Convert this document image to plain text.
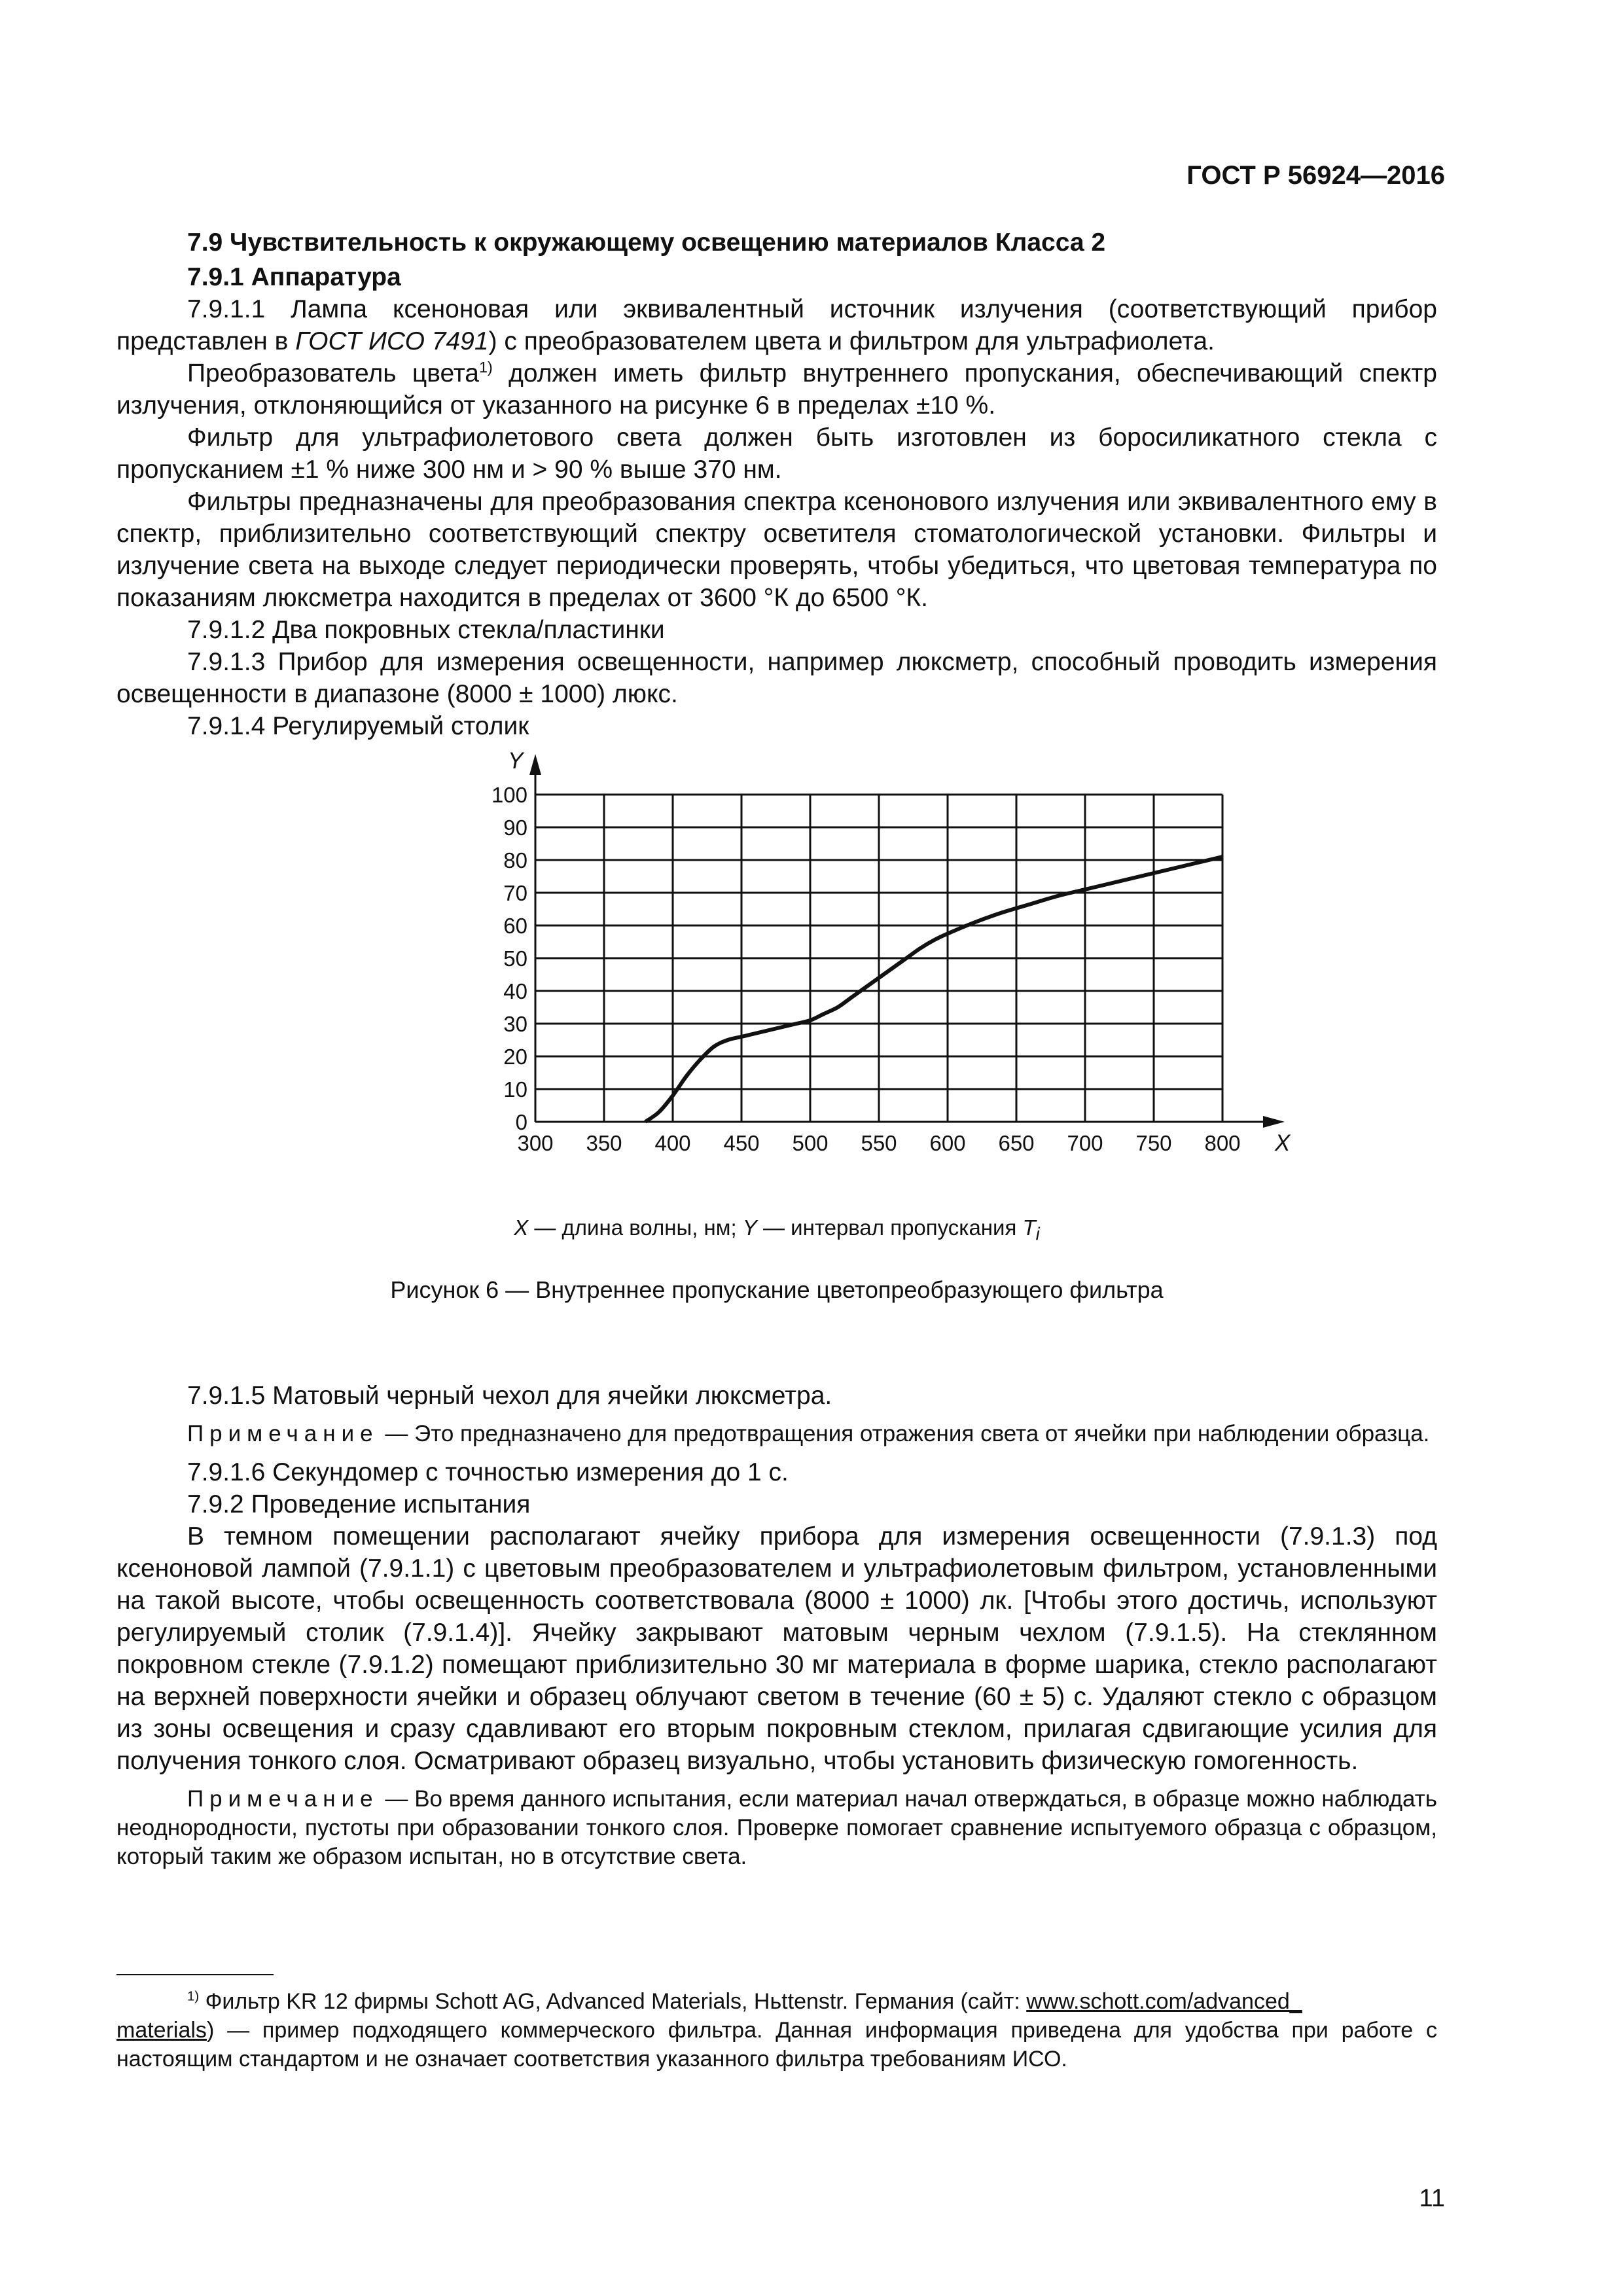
ГОСТ Р 56924—2016

7.9 Чувствительность к окружающему освещению материалов Класса 2

7.9.1 Аппаратура

7.9.1.1 Лампа ксеноновая или эквивалентный источник излучения (соответствующий прибор представлен в ГОСТ ИСО 7491) с преобразователем цвета и фильтром для ультрафиолета.

Преобразователь цвета$^{1)}$ должен иметь фильтр внутреннего пропускания, обеспечивающий спектр излучения, отклоняющийся от указанного на рисунке 6 в пределах ±10 %.

Фильтр для ультрафиолетового света должен быть изготовлен из боросиликатного стекла с пропусканием ±1 % ниже 300 нм и > 90 % выше 370 нм.

Фильтры предназначены для преобразования спектра ксенонового излучения или эквивалентного ему в спектр, приблизительно соответствующий спектру осветителя стоматологической установки. Фильтры и излучение света на выходе следует периодически проверять, чтобы убедиться, что цветовая температура по показаниям люксметра находится в пределах от 3600 °К до 6500 °К.

7.9.1.2 Два покровных стекла/пластинки

7.9.1.3 Прибор для измерения освещенности, например люксметр, способный проводить измерения освещенности в диапазоне (8000 ± 1000) люкс.

7.9.1.4 Регулируемый столик

300 350 400 450 500 550 600 650 700 750 800
0
10
20
30
40
50
60
70
80
90
100
X
Y
X — длина волны, нм; Y — интервал пропускания $T_i$
Рисунок 6 — Внутреннее пропускание цветопреобразующего фильтра

7.9.1.5 Матовый черный чехол для ячейки люксметра.

Примечание — Это предназначено для предотвращения отражения света от ячейки при наблюдении образца.

7.9.1.6 Секундомер с точностью измерения до 1 с.

7.9.2 Проведение испытания

В темном помещении располагают ячейку прибора для измерения освещенности (7.9.1.3) под ксеноновой лампой (7.9.1.1) с цветовым преобразователем и ультрафиолетовым фильтром, установленными на такой высоте, чтобы освещенность соответствовала (8000 ± 1000) лк. [Чтобы этого достичь, используют регулируемый столик (7.9.1.4)]. Ячейку закрывают матовым черным чехлом (7.9.1.5). На стеклянном покровном стекле (7.9.1.2) помещают приблизительно 30 мг материала в форме шарика, стекло располагают на верхней поверхности ячейки и образец облучают светом в течение (60 ± 5) с. Удаляют стекло с образцом из зоны освещения и сразу сдавливают его вторым покровным стеклом, прилагая сдвигающие усилия для получения тонкого слоя. Осматривают образец визуально, чтобы установить физическую гомогенность.

Примечание — Во время данного испытания, если материал начал отверждаться, в образце можно наблюдать неоднородности, пустоты при образовании тонкого слоя. Проверке помогает сравнение испытуемого образца с образцом, который таким же образом испытан, но в отсутствие света.

$^{1)}$ Фильтр KR 12 фирмы Schott AG, Advanced Materials, Hьttenstr. Германия (сайт: www.schott.com/advanced_
materials) — пример подходящего коммерческого фильтра. Данная информация приведена для удобства при работе с настоящим стандартом и не означает соответствия указанного фильтра требованиям ИСО.
11
